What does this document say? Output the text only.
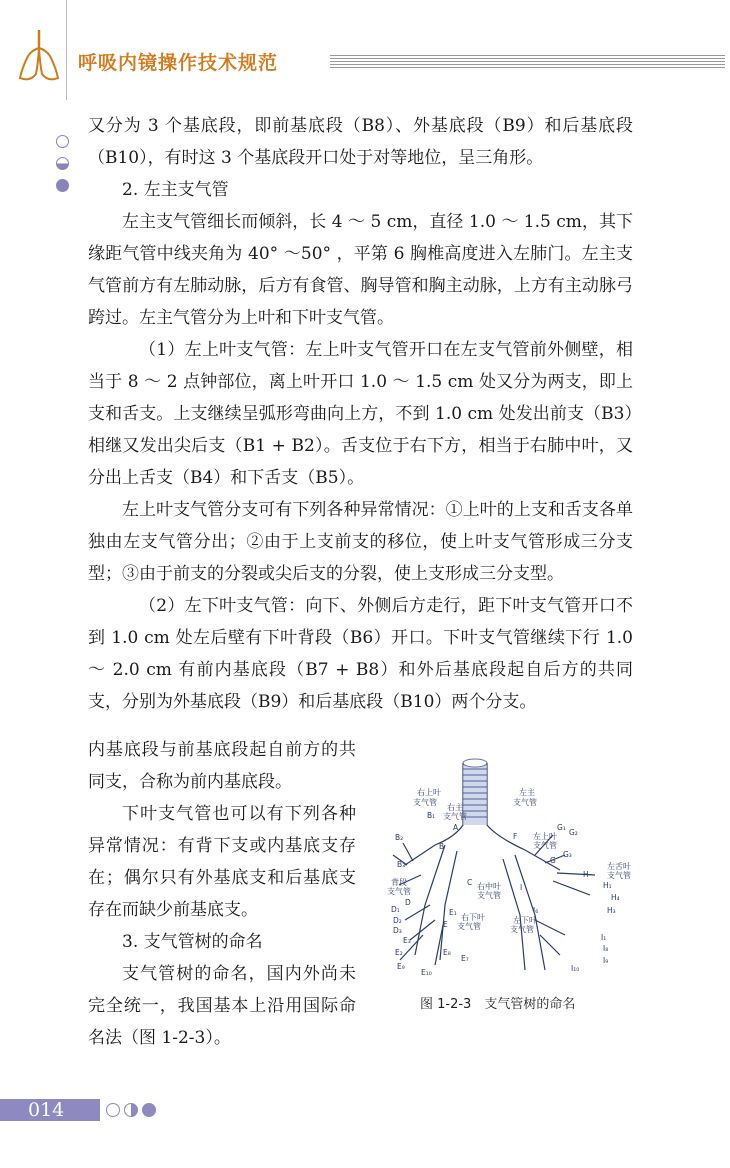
呼吸内镜操作技术规范

又分为 3 个基底段，即前基底段（B8）、外基底段（B9）和后基底段（B10），有时这 3 个基底段开口处于对等地位，呈三角形。

2. 左主支气管

左主支气管细长而倾斜，长 4 ～ 5 cm，直径 1.0 ～ 1.5 cm，其下缘距气管中线夹角为 40° ～50° ，平第 6 胸椎高度进入左肺门。左主支气管前方有左肺动脉，后方有食管、胸导管和胸主动脉，上方有主动脉弓跨过。左主气管分为上叶和下叶支气管。

（1）左上叶支气管：左上叶支气管开口在左支气管前外侧壁，相当于 8 ～ 2 点钟部位，离上叶开口 1.0 ～ 1.5 cm 处又分为两支，即上支和舌支。上支继续呈弧形弯曲向上方，不到 1.0 cm 处发出前支（B3）相继又发出尖后支（B1 + B2）。舌支位于右下方，相当于右肺中叶，又分出上舌支（B4）和下舌支（B5）。

左上叶支气管分支可有下列各种异常情况：①上叶的上支和舌支各单独由左支气管分出；②由于上支前支的移位，使上叶支气管形成三分支型；③由于前支的分裂或尖后支的分裂，使上支形成三分支型。

（2）左下叶支气管：向下、外侧后方走行，距下叶支气管开口不到 1.0 cm 处左后壁有下叶背段（B6）开口。下叶支气管继续下行 1.0 ～ 2.0 cm 有前内基底段（B7 + B8）和外后基底段起自后方的共同支，分别为外基底段（B9）和后基底段（B10）两个分支。

内基底段与前基底段起自前方的共同支，合称为前内基底段。

下叶支气管也可以有下列各种异常情况：有背下支或内基底支存在；偶尔只有外基底支和后基底支存在而缺少前基底支。

3. 支气管树的命名

支气管树的命名，国内外尚未完全统一，我国基本上沿用国际命名法（图 1-2-3）。

右上叶
支气管
右主
支气管
左主
支气管
左上叶
支气管
左舌叶
支气管
背段
支气管
右中叶
支气管
右下叶
支气管
左下叶
支气管
A
B
C
D
E
F
G
H
I
B₁
B₂
B₃
D₁
D₂
D₃
E₁
E₂
E₃
E₇
E₈
E₉
E₁₀
G₁
G₂
G₃
H₁
H₃
H₄
I₁
I₆
I₈
I₉
I₁₀
图 1-2-3　支气管树的命名
014
